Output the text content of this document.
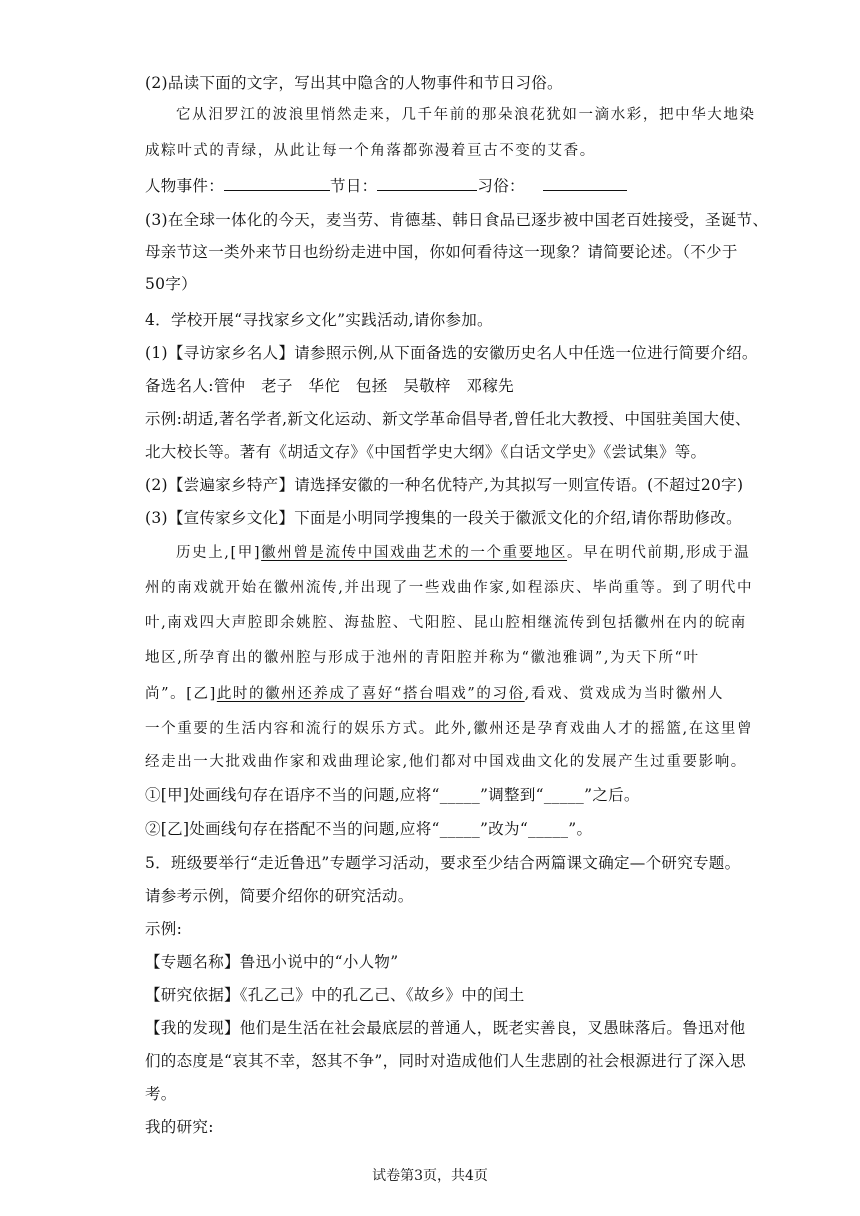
(2)品读下面的文字，写出其中隐含的人物事件和节日习俗。
它从汨罗江的波浪里悄然走来，几千年前的那朵浪花犹如一滴水彩，把中华大地染
成粽叶式的青绿，从此让每一个角落都弥漫着亘古不变的艾香。
人物事件：	节日：	习俗：
(3)在全球一体化的今天，麦当劳、肯德基、韩日食品已逐步被中国老百姓接受，圣诞节、
母亲节这一类外来节日也纷纷走进中国，你如何看待这一现象？请简要论述。（不少于
50字）
4．学校开展“寻找家乡文化”实践活动,请你参加。
(1)【寻访家乡名人】请参照示例,从下面备选的安徽历史名人中任选一位进行简要介绍。
备选名人:管仲　老子　华佗　包拯　吴敬梓　邓稼先
示例:胡适,著名学者,新文化运动、新文学革命倡导者,曾任北大教授、中国驻美国大使、
北大校长等。著有《胡适文存》《中国哲学史大纲》《白话文学史》《尝试集》等。
(2)【尝遍家乡特产】请选择安徽的一种名优特产,为其拟写一则宣传语。(不超过20字)
(3)【宣传家乡文化】下面是小明同学搜集的一段关于徽派文化的介绍,请你帮助修改。
历史上,[甲]徽州曾是流传中国戏曲艺术的一个重要地区。早在明代前期,形成于温
州的南戏就开始在徽州流传,并出现了一些戏曲作家,如程添庆、毕尚重等。到了明代中
叶,南戏四大声腔即余姚腔、海盐腔、弋阳腔、昆山腔相继流传到包括徽州在内的皖南
地区,所孕育出的徽州腔与形成于池州的青阳腔并称为“徽池雅调”,为天下所“叶
尚”。[乙]此时的徽州还养成了喜好“搭台唱戏”的习俗,看戏、赏戏成为当时徽州人
一个重要的生活内容和流行的娱乐方式。此外,徽州还是孕育戏曲人才的摇篮,在这里曾
经走出一大批戏曲作家和戏曲理论家,他们都对中国戏曲文化的发展产生过重要影响。
①[甲]处画线句存在语序不当的问题,应将“_____”调整到“_____”之后。
②[乙]处画线句存在搭配不当的问题,应将“_____”改为“_____”。
5．班级要举行“走近鲁迅”专题学习活动，要求至少结合两篇课文确定—个研究专题。
请参考示例，简要介绍你的研究活动。
示例:
【专题名称】鲁迅小说中的“小人物”
【研究依据】《孔乙己》中的孔乙己、《故乡》中的闰土
【我的发现】他们是生活在社会最底层的普通人，既老实善良，叉愚昧落后。鲁迅对他
们的态度是“哀其不幸，怒其不争”，同时对造成他们人生悲剧的社会根源进行了深入思
考。
我的研究:
试卷第3页，共4页
